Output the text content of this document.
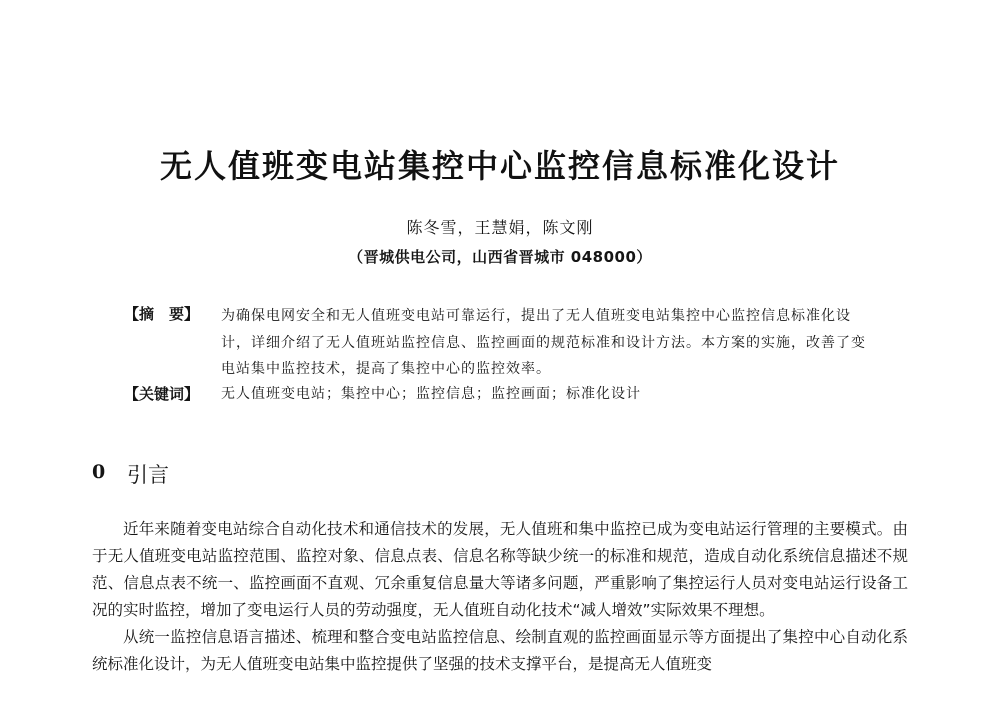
无人值班变电站集控中心监控信息标准化设计
陈冬雪，王慧娟，陈文刚
（晋城供电公司，山西省晋城市 048000）
【摘　要】 为确保电网安全和无人值班变电站可靠运行，提出了无人值班变电站集控中心监控信息标准化设计，详细介绍了无人值班站监控信息、监控画面的规范标准和设计方法。本方案的实施，改善了变电站集中监控技术，提高了集控中心的监控效率。
【关键词】 无人值班变电站；集控中心；监控信息；监控画面；标准化设计
0 引言

近年来随着变电站综合自动化技术和通信技术的发展，无人值班和集中监控已成为变电站运行管理的主要模式。由于无人值班变电站监控范围、监控对象、信息点表、信息名称等缺少统一的标准和规范，造成自动化系统信息描述不规范、信息点表不统一、监控画面不直观、冗余重复信息量大等诸多问题，严重影响了集控运行人员对变电站运行设备工况的实时监控，增加了变电运行人员的劳动强度，无人值班自动化技术“减人增效”实际效果不理想。

从统一监控信息语言描述、梳理和整合变电站监控信息、绘制直观的监控画面显示等方面提出了集控中心自动化系统标准化设计，为无人值班变电站集中监控提供了坚强的技术支撑平台，是提高无人值班变
